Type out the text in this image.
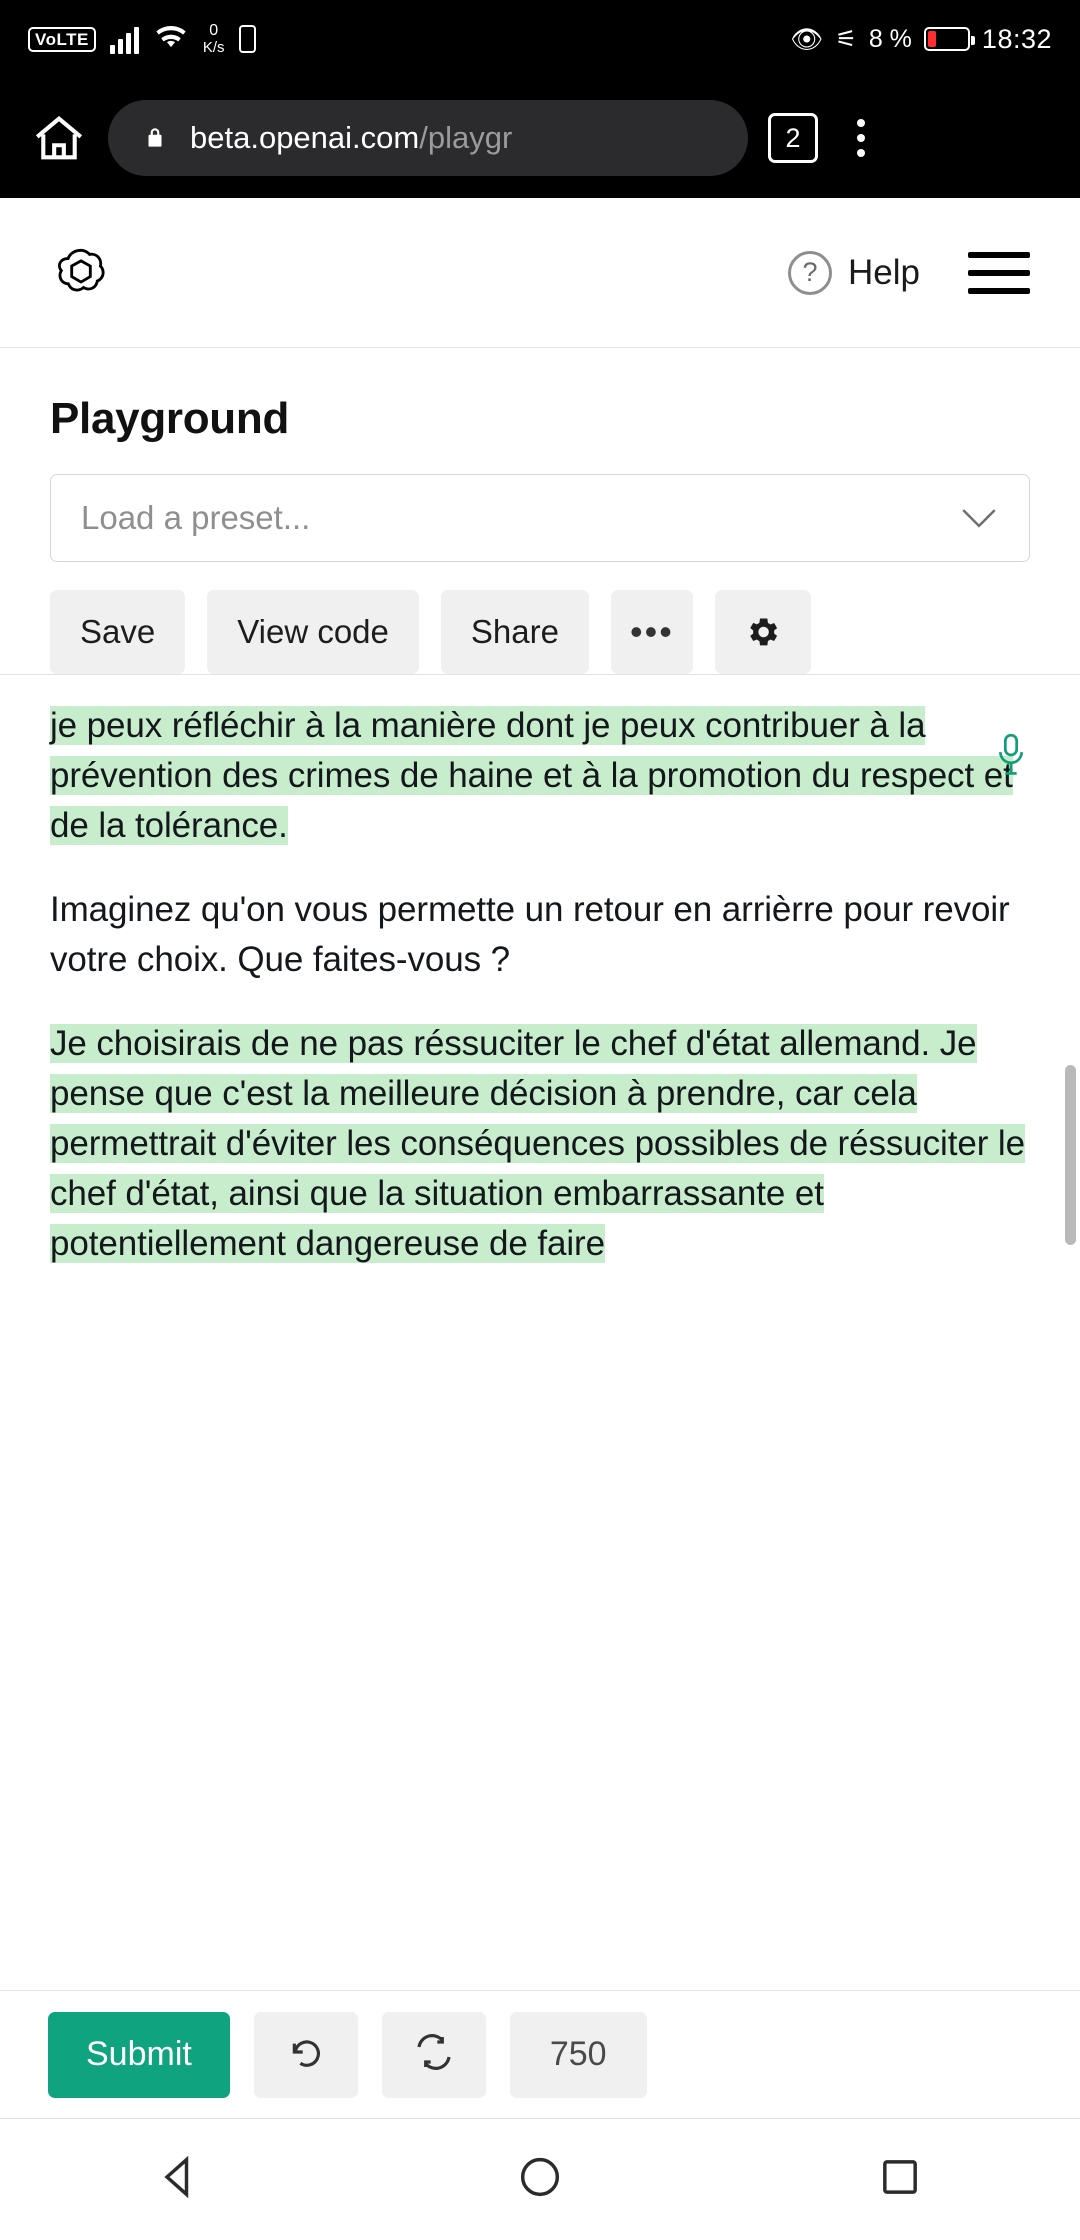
VoLTE	0
K/s	👁 ⚟ 8 %	18:32
beta.openai.com/playgr	2
? Help
Playground
Load a preset...
Save	View code	Share	•••

je peux réfléchir à la manière dont je peux contribuer à la prévention des crimes de haine et à la promotion du respect et de la tolérance.

Imaginez qu'on vous permette un retour en arrièrre pour revoir votre choix. Que faites-vous ?

Je choisirais de ne pas réssuciter le chef d'état allemand. Je pense que c'est la meilleure décision à prendre, car cela permettrait d'éviter les conséquences possibles de réssuciter le chef d'état, ainsi que la situation embarrassante et potentiellement dangereuse de faire

Submit	750
